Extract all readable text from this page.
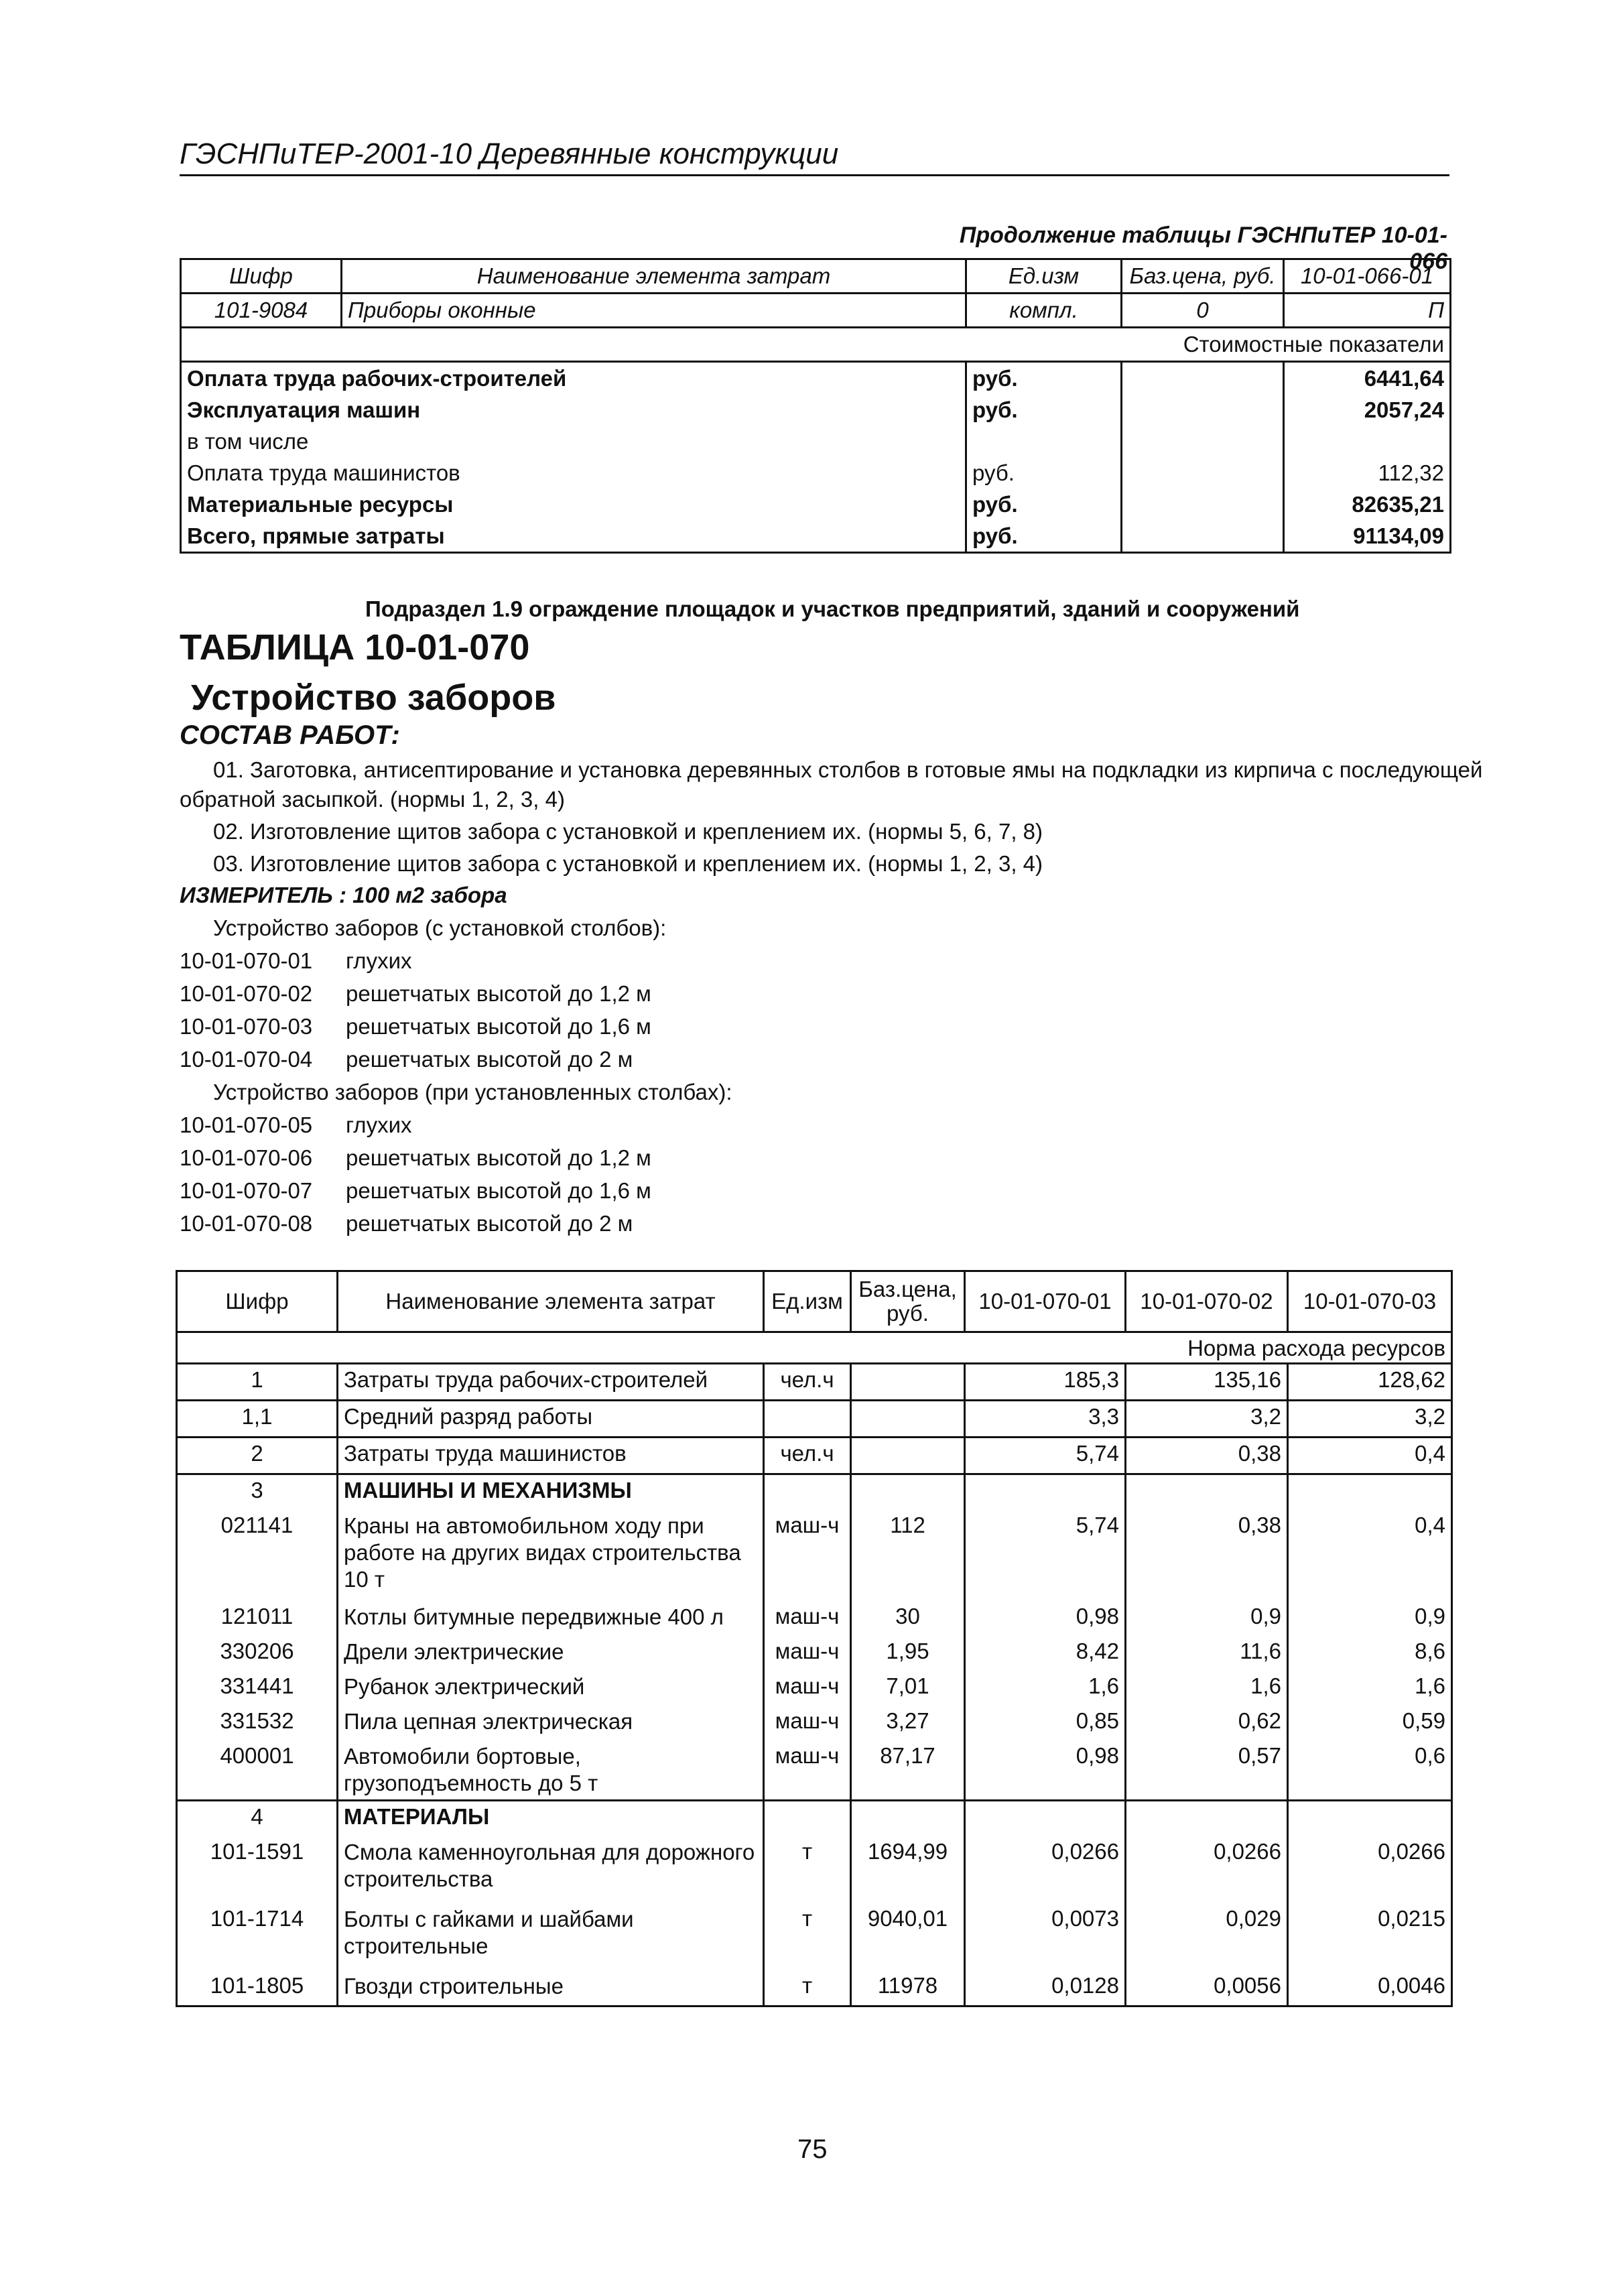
ГЭСНПиТЕР-2001-10 Деревянные конструкции
Продолжение таблицы ГЭСНПиТЕР 10-01-066
Шифр	Наименование элемента затрат	Ед.изм	Баз.цена, руб.	10-01-066-01
101-9084	Приборы оконные	компл.	0	П
Стоимостные показатели				
Оплата труда рабочих-строителей		руб.		6441,64
Эксплуатация машин		руб.		2057,24
в том числе				
Оплата труда машинистов		руб.		112,32
Материальные ресурсы		руб.		82635,21
Всего, прямые затраты		руб.		91134,09
Подраздел 1.9 ограждение площадок и участков предприятий, зданий и сооружений
ТАБЛИЦА 10-01-070
Устройство заборов
СОСТАВ РАБОТ:
01. Заготовка, антисептирование и установка деревянных столбов в готовые ямы на подкладки из кирпича с последующей
обратной засыпкой. (нормы 1, 2, 3, 4)
02. Изготовление щитов забора с установкой и креплением их. (нормы 5, 6, 7, 8)
03. Изготовление щитов забора с установкой и креплением их. (нормы 1, 2, 3, 4)
ИЗМЕРИТЕЛЬ : 100 м2 забора
Устройство заборов (с установкой столбов):
10-01-070-01 глухих
10-01-070-02 решетчатых высотой до 1,2 м
10-01-070-03 решетчатых высотой до 1,6 м
10-01-070-04 решетчатых высотой до 2 м
Устройство заборов (при установленных столбах):
10-01-070-05 глухих
10-01-070-06 решетчатых высотой до 1,2 м
10-01-070-07 решетчатых высотой до 1,6 м
10-01-070-08 решетчатых высотой до 2 м
Шифр	Наименование элемента затрат	Ед.изм	Баз.цена, руб.	10-01-070-01	10-01-070-02	10-01-070-03
Норма расхода ресурсов						
1	Затраты труда рабочих-строителей	чел.ч		185,3	135,16	128,62
1,1	Средний разряд работы			3,3	3,2	3,2
2	Затраты труда машинистов	чел.ч		5,74	0,38	0,4
3	МАШИНЫ И МЕХАНИЗМЫ					
021141	Краны на автомобильном ходу при работе на других видах строительства 10 т	маш-ч	112	5,74	0,38	0,4
121011	Котлы битумные передвижные 400 л	маш-ч	30	0,98	0,9	0,9
330206	Дрели электрические	маш-ч	1,95	8,42	11,6	8,6
331441	Рубанок электрический	маш-ч	7,01	1,6	1,6	1,6
331532	Пила цепная электрическая	маш-ч	3,27	0,85	0,62	0,59
400001	Автомобили бортовые, грузоподъемность до 5 т	маш-ч	87,17	0,98	0,57	0,6
4	МАТЕРИАЛЫ					
101-1591	Смола каменноугольная для дорожного строительства	т	1694,99	0,0266	0,0266	0,0266
101-1714	Болты с гайками и шайбами строительные	т	9040,01	0,0073	0,029	0,0215
101-1805	Гвозди строительные	т	11978	0,0128	0,0056	0,0046
75
